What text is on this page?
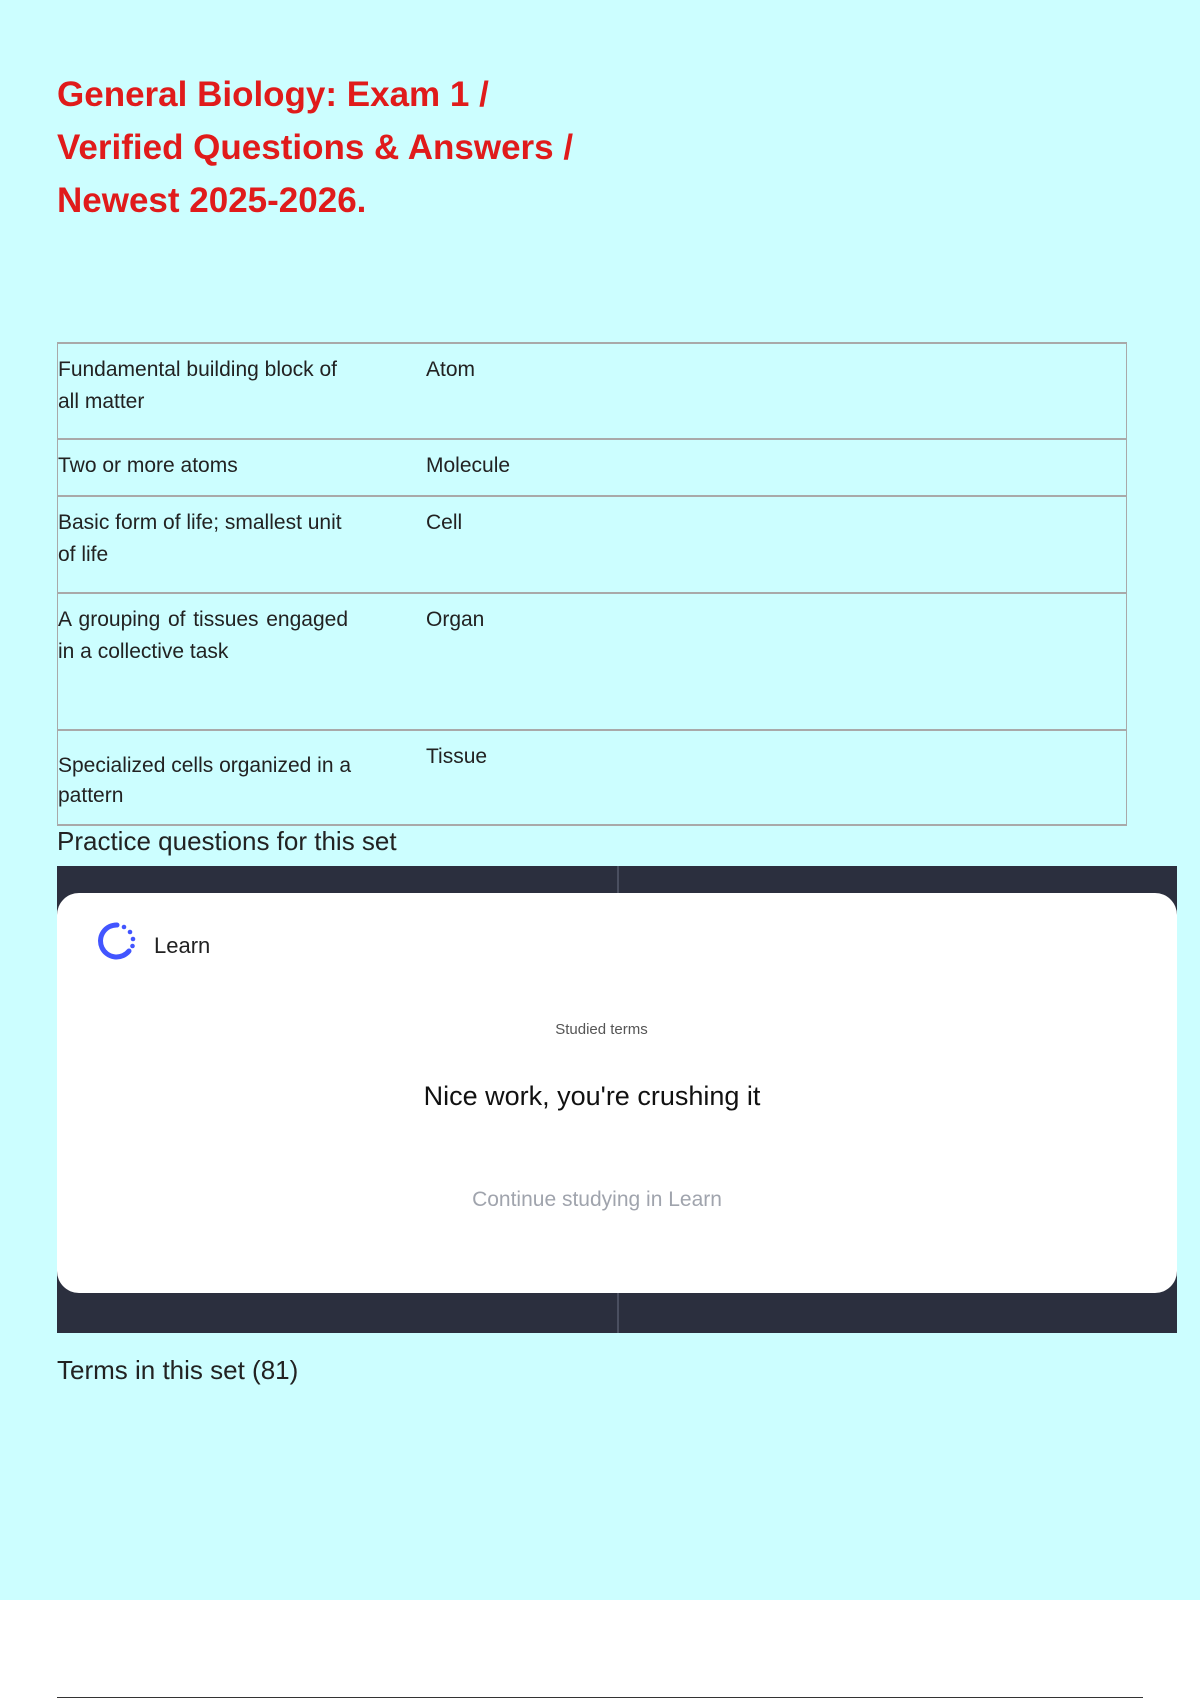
General Biology: Exam 1 /
Verified Questions & Answers /
Newest 2025-2026.
Fundamental building block of all matter	Atom

Two or more atoms	Molecule

Basic form of life; smallest unit of life	Cell

A grouping of tissues engaged in a collective task	Organ

Specialized cells organized in a pattern	Tissue
Practice questions for this set
Learn
Studied terms
Nice work, you're crushing it
Continue studying in Learn
Terms in this set (81)
